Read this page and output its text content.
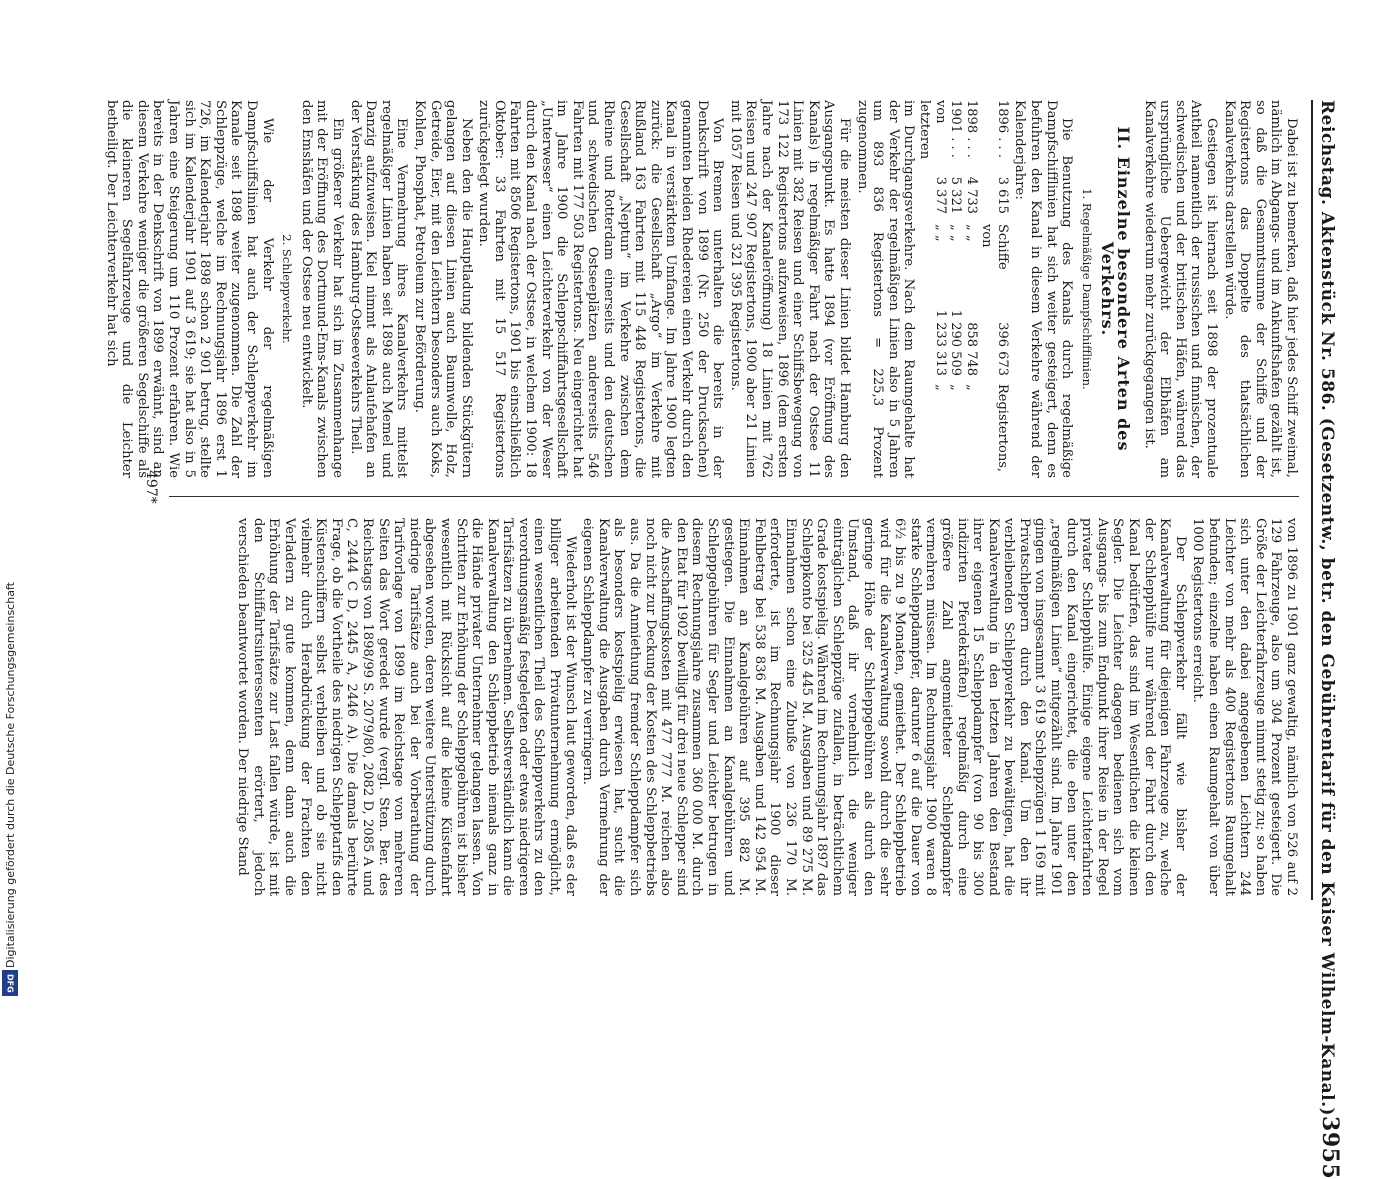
Digitalisierung gefördert durch die Deutsche Forschungsgemeinschaft
DFG	Reichstag. Aktenstück Nr. 586. (Gesetzentw., betr. den Gebührentarif für den Kaiser Wilhelm-Kanal.)
3955

Dabei ist zu bemerken, daß hier jedes Schiff zweimal, nämlich im Abgangs- und im Ankunftshafen gezählt ist, so daß die Gesammtsumme der Schiffe und der Registertons das Doppelte des thatsächlichen Kanalverkehrs darstellen würde.

Gestiegen ist hiernach seit 1898 der prozentuale Antheil namentlich der russischen und finnischen, der schwedischen und der britischen Häfen, während das ursprüngliche Uebergewicht der Elbhäfen am Kanalverkehre wiederum mehr zurückgegangen ist.

II. Einzelne besondere Arten des Verkehrs.
1. Regelmäßige Dampfschifflinien.

Die Benutzung des Kanals durch regelmäßige Dampfschifflinien hat sich weiter gesteigert, denn es befuhren den Kanal in diesem Verkehre während der Kalenderjahre:

1896 . . .
3 615
Schiffe von
396 673
Registertons,
1898 . . .
4 733
„ „
858 748
„
1901 . . .
5 321
„ „
1 290 509
„
von letzteren
3 377
„ „
1 233 313
„

im Durchgangsverkehre. Nach dem Raumgehalte hat der Verkehr der regelmäßigen Linien also in 5 Jahren um 893 836 Registertons = 225,3 Prozent zugenommen.

Für die meisten dieser Linien bildet Hamburg den Ausgangspunkt. Es hatte 1894 (vor Eröffnung des Kanals) in regelmäßiger Fahrt nach der Ostsee 11 Linien mit 382 Reisen und einer Schiffsbewegung von 173 122 Registertons aufzuweisen, 1896 (dem ersten Jahre nach der Kanaleröffnung) 18 Linien mit 762 Reisen und 247 907 Registertons, 1900 aber 21 Linien mit 1057 Reisen und 321 395 Registertons.

Von Bremen unterhalten die bereits in der Denkschrift von 1899 (Nr. 250 der Drucksachen) genannten beiden Rhedereien einen Verkehr durch den Kanal in verstärktem Umfange. Im Jahre 1900 legten zurück: die Gesellschaft „Argo“ im Verkehre mit Rußland 163 Fahrten mit 115 448 Registertons, die Gesellschaft „Neptun“ im Verkehre zwischen dem Rheine und Rotterdam einerseits und den deutschen und schwedischen Ostseeplätzen andererseits 546 Fahrten mit 177 503 Registertons. Neu eingerichtet hat im Jahre 1900 die Schleppschiffahrtsgesellschaft „Unterweser“ einen Leichterverkehr von der Weser durch den Kanal nach der Ostsee, in welchem 1900: 18 Fahrten mit 8506 Registertons, 1901 bis einschließlich Oktober: 33 Fahrten mit 15 517 Registertons zurückgelegt wurden.

Neben den die Hauptladung bildenden Stückgütern gelangen auf diesen Linien auch Baumwolle, Holz, Getreide, Eier, mit den Leichtern besonders auch Koks, Kohlen, Phosphat, Petroleum zur Beförderung.

Eine Vermehrung ihres Kanalverkehrs mittelst regelmäßiger Linien haben seit 1898 auch Memel und Danzig aufzuweisen. Kiel nimmt als Anlaufehafen an der Verstärkung des Hamburg-Ostseeverkehrs Theil.

Ein größerer Verkehr hat sich im Zusammenhange mit der Eröffnung des Dortmund-Ems-Kanals zwischen den Emshäfen und der Ostsee neu entwickelt.

2. Schleppverkehr.

Wie der Verkehr der regelmäßigen Dampfschiffslinien hat auch der Schleppverkehr im Kanale seit 1898 weiter zugenommen. Die Zahl der Schleppzüge, welche im Rechnungsjahr 1896 erst 1 726, im Kalenderjahr 1898 schon 2 901 betrug, stellte sich im Kalenderjahr 1901 auf 3 619; sie hat also in 5 Jahren eine Steigerung um 110 Prozent erfahren. Wie bereits in der Denkschrift von 1899 erwähnt, sind an diesem Verkehre weniger die größeren Segelschiffe als die kleineren Segelfahrzeuge und die Leichter betheiligt. Der Leichterverkehr hat sich

von 1896 zu 1901 ganz gewaltig, nämlich von 526 auf 2 129 Fahrzeuge, also um 304 Prozent gesteigert. Die Größe der Leichterfahrzeuge nimmt stetig zu; so haben sich unter den dabei angegebenen Leichtern 244 Leichter von mehr als 400 Registertons Raumgehalt befunden; einzelne haben einen Raumgehalt von über 1000 Registertons erreicht.

Der Schleppverkehr fällt wie bisher der Kanalverwaltung für diejenigen Fahrzeuge zu, welche der Schlepphülfe nur während der Fahrt durch den Kanal bedürfen, das sind im Wesentlichen die kleinen Segler. Die Leichter dagegen bedienen sich vom Ausgangs- bis zum Endpunkt ihrer Reise in der Regel privater Schlepphülfe. Einige eigene Leichterfahrten durch den Kanal eingerichtet, die eben unter den „regelmäßigen Linien“ mitgezählt sind. Im Jahre 1901 gingen von insgesammt 3 619 Schleppzügen 1 169 mit Privatschleppern durch den Kanal. Um den ihr verbleibenden Schleppverkehr zu bewältigen, hat die Kanalverwaltung in den letzten Jahren den Bestand ihrer eigenen 15 Schleppdampfer (von 90 bis 300 indizirten Pferdekräften) regelmäßig durch eine größere Zahl angemietheter Schleppdampfer vermehren müssen. Im Rechnungsjahr 1900 waren 8 starke Schleppdampfer, darunter 6 auf die Dauer von 6½ bis zu 9 Monaten, gemiethet. Der Schleppbetrieb wird für die Kanalverwaltung sowohl durch die sehr geringe Höhe der Schleppgebühren als durch den Umstand, daß ihr vornehmlich die weniger einträglichen Schleppzüge zufallen, in beträchtlichem Grade kostspielig. Während im Rechnungsjahr 1897 das Schleppkonto bei 325 445 M. Ausgaben und 89 275 M. Einnahmen schon eine Zubuße von 236 170 M. erforderte, ist im Rechnungsjahr 1900 dieser Fehlbetrag bei 538 836 M. Ausgaben und 142 954 M. Einnahmen an Kanalgebühren auf 395 882 M. gestiegen. Die Einnahmen an Kanalgebühren und Schleppgebühren für Segler und Leichter betrugen in diesem Rechnungsjahre zusammen 360 000 M. durch den Etat für 1902 bewilligt für drei neue Schlepper sind die Anschaffungskosten mit 477 777 M. reichen also noch nicht zur Deckung der Kosten des Schleppbetriebs aus. Da die Anmiethung fremder Schleppdampfer sich als besonders kostspielig erwiesen hat, sucht die Kanalverwaltung die Ausgaben durch Vermehrung der eigenen Schleppdampfer zu verringern.

Wiederholt ist der Wunsch laut geworden, daß es der billiger arbeitenden Privatunternehmung ermöglicht, einen wesentlichen Theil des Schleppverkehrs zu den verordnungsmäßig festgelegten oder etwas niedrigeren Tarifsätzen zu übernehmen. Selbstverständlich kann die Kanalverwaltung den Schleppbetrieb niemals ganz in die Hände privater Unternehmer gelangen lassen. Von Schritten zur Erhöhung der Schleppgebühren ist bisher wesentlich mit Rücksicht auf die kleine Küstenfahrt abgesehen worden, deren weitere Unterstützung durch niedrige Tarifsätze auch bei der Vorberathung der Tarifvorlage von 1899 im Reichstage von mehreren Seiten das Wort geredet wurde (vergl. Sten. Ber. des Reichstags von 1898/99 S. 2079/80, 2082 D, 2085 A und C, 2444 C D, 2445 A, 2446 A). Die damals berührte Frage, ob die Vortheile des niedrigen Schlepptarifs den Küstenschiffern selbst verbleiben und ob sie nicht vielmehr durch Herabdrückung der Frachten den Verladern zu gute kommen, denn dann auch die Erhöhung der Tarifsätze zur Last fallen würde, ist mit den Schiffahrtsinteressenten erörtert, jedoch verschieden beantwortet worden. Der niedrige Stand

497*
